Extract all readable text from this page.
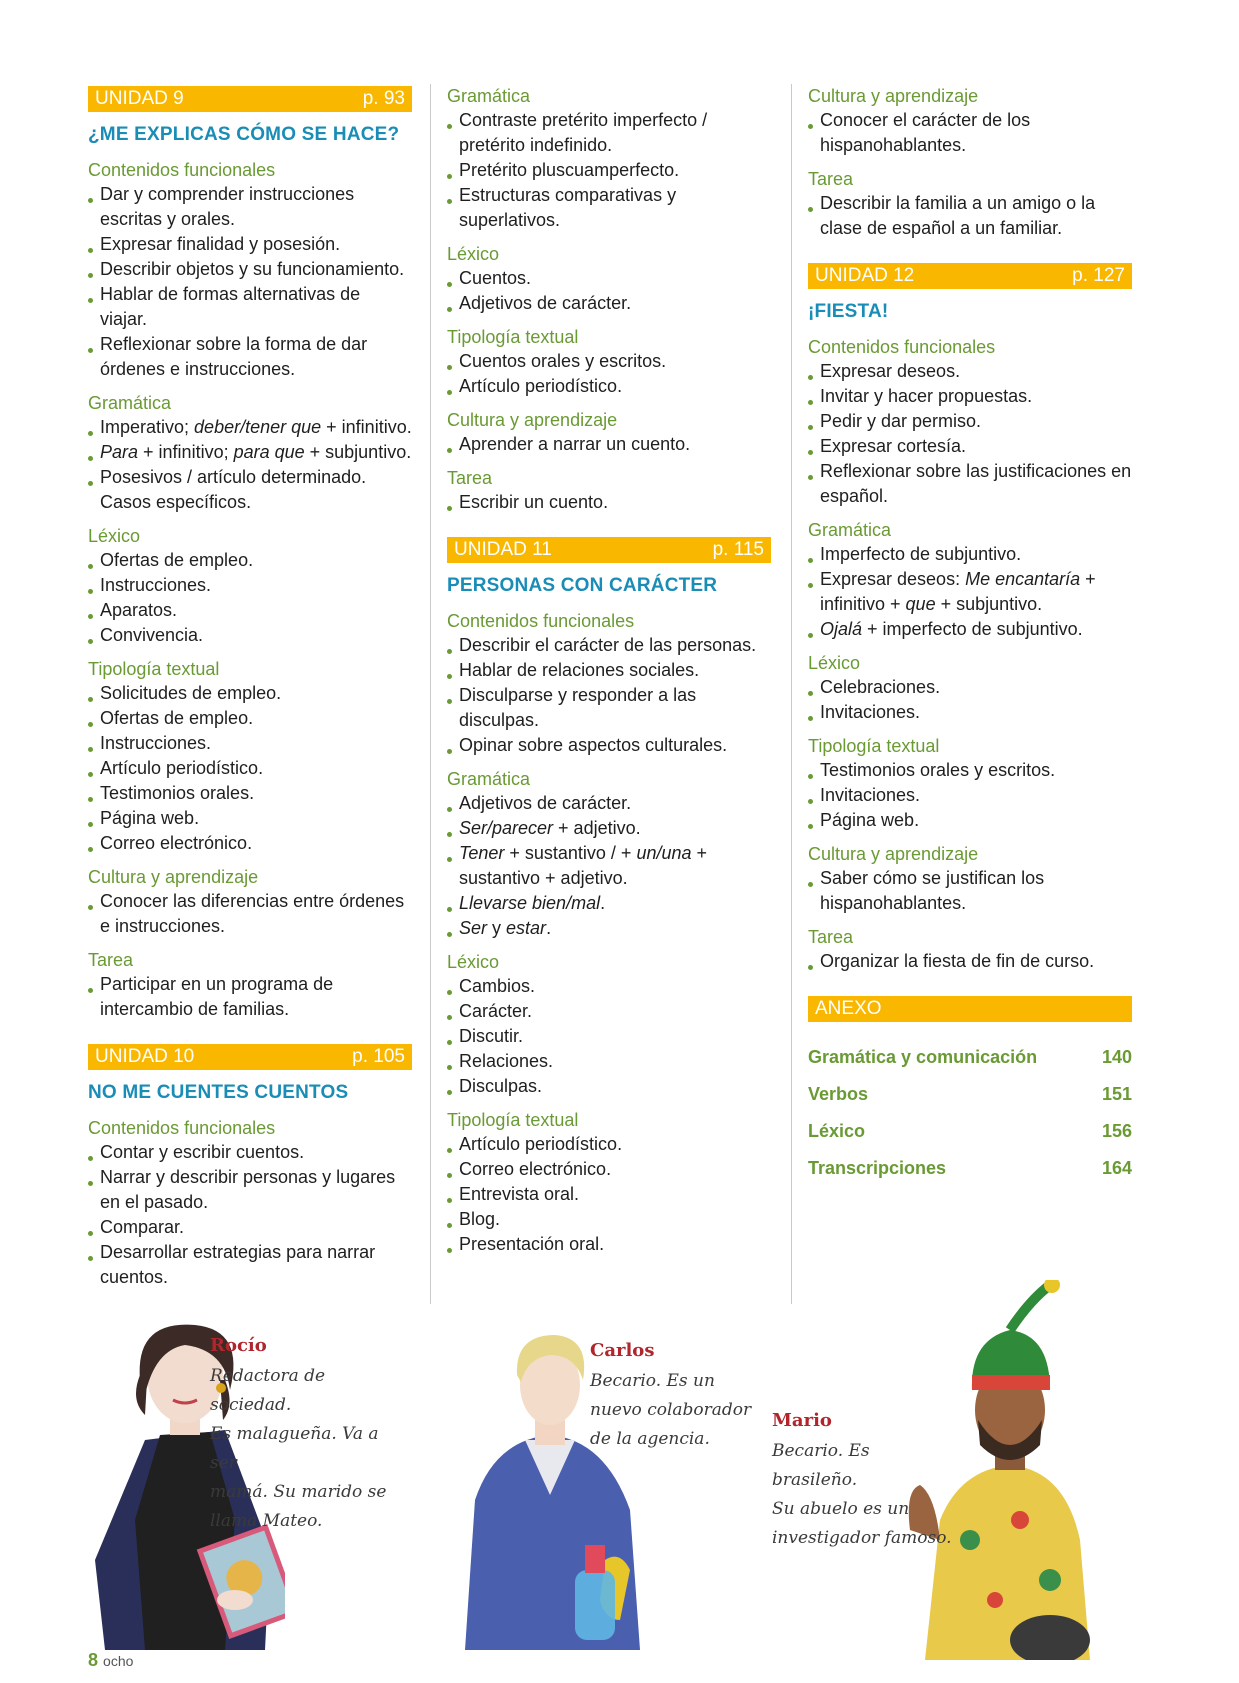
UNIDAD 9	p. 93
¿ME EXPLICAS CÓMO SE HACE?
Contenidos funcionales
Dar y comprender instrucciones escritas y orales.
Expresar finalidad y posesión.
Describir objetos y su funcionamiento.
Hablar de formas alternativas de viajar.
Reflexionar sobre la forma de dar órdenes e instrucciones.
Gramática
Imperativo; deber/tener que + infinitivo.
Para + infinitivo; para que + subjuntivo.
Posesivos / artículo determinado. Casos específicos.
Léxico
Ofertas de empleo.
Instrucciones.
Aparatos.
Convivencia.
Tipología textual
Solicitudes de empleo.
Ofertas de empleo.
Instrucciones.
Artículo periodístico.
Testimonios orales.
Página web.
Correo electrónico.
Cultura y aprendizaje
Conocer las diferencias entre órdenes e instrucciones.
Tarea
Participar en un programa de intercambio de familias.
UNIDAD 10	p. 105
NO ME CUENTES CUENTOS
Contenidos funcionales
Contar y escribir cuentos.
Narrar y describir personas y lugares en el pasado.
Comparar.
Desarrollar estrategias para narrar cuentos.
Gramática
Contraste pretérito imperfecto / pretérito indefinido.
Pretérito pluscuamperfecto.
Estructuras comparativas y superlativos.
Léxico
Cuentos.
Adjetivos de carácter.
Tipología textual
Cuentos orales y escritos.
Artículo periodístico.
Cultura y aprendizaje
Aprender a narrar un cuento.
Tarea
Escribir un cuento.
UNIDAD 11	p. 115
PERSONAS CON CARÁCTER
Contenidos funcionales
Describir el carácter de las personas.
Hablar de relaciones sociales.
Disculparse y responder a las disculpas.
Opinar sobre aspectos culturales.
Gramática
Adjetivos de carácter.
Ser/parecer + adjetivo.
Tener + sustantivo / + un/una + sustantivo + adjetivo.
Llevarse bien/mal.
Ser y estar.
Léxico
Cambios.
Carácter.
Discutir.
Relaciones.
Disculpas.
Tipología textual
Artículo periodístico.
Correo electrónico.
Entrevista oral.
Blog.
Presentación oral.
Cultura y aprendizaje
Conocer el carácter de los hispanohablantes.
Tarea
Describir la familia a un amigo o la clase de español a un familiar.
UNIDAD 12	p. 127
¡FIESTA!
Contenidos funcionales
Expresar deseos.
Invitar y hacer propuestas.
Pedir y dar permiso.
Expresar cortesía.
Reflexionar sobre las justificaciones en español.
Gramática
Imperfecto de subjuntivo.
Expresar deseos: Me encantaría + infinitivo + que + subjuntivo.
Ojalá + imperfecto de subjuntivo.
Léxico
Celebraciones.
Invitaciones.
Tipología textual
Testimonios orales y escritos.
Invitaciones.
Página web.
Cultura y aprendizaje
Saber cómo se justifican los hispanohablantes.
Tarea
Organizar la fiesta de fin de curso.
ANEXO
Gramática y comunicación	140
Verbos	151
Léxico	156
Transcripciones	164
Rocío
Redactora de sociedad.
Es malagueña. Va a ser
mamá. Su marido se
llama Mateo.
Carlos
Becario. Es un
nuevo colaborador
de la agencia.
Mario
Becario. Es brasileño.
Su abuelo es un
investigador famoso.
8 ocho
